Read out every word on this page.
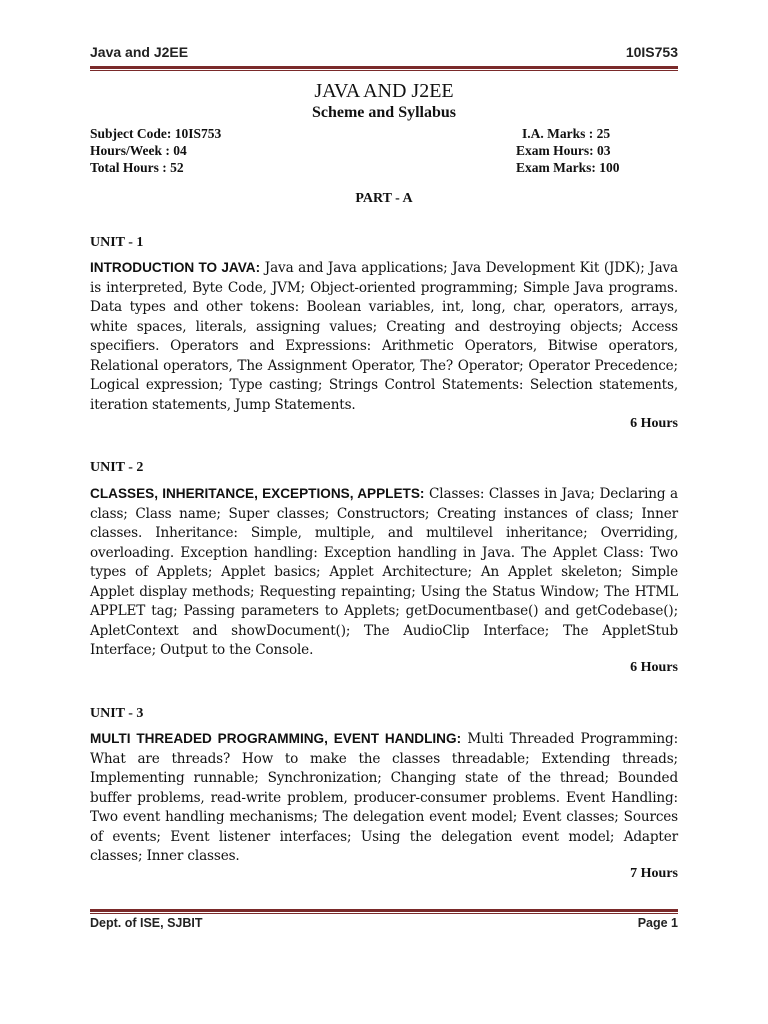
Java and J2EE	10IS753
JAVA AND J2EE
Scheme and Syllabus
Subject Code: 10IS753
Hours/Week : 04
Total Hours : 52
I.A. Marks : 25
Exam Hours: 03
Exam Marks: 100
PART - A
UNIT - 1
INTRODUCTION TO JAVA: Java and Java applications; Java Development Kit (JDK); Java is interpreted, Byte Code, JVM; Object-oriented programming; Simple Java programs. Data types and other tokens: Boolean variables, int, long, char, operators, arrays, white spaces, literals, assigning values; Creating and destroying objects; Access specifiers. Operators and Expressions: Arithmetic Operators, Bitwise operators, Relational operators, The Assignment Operator, The? Operator; Operator Precedence; Logical expression; Type casting; Strings Control Statements: Selection statements, iteration statements, Jump Statements.
6 Hours
UNIT - 2
CLASSES, INHERITANCE, EXCEPTIONS, APPLETS: Classes: Classes in Java; Declaring a class; Class name; Super classes; Constructors; Creating instances of class; Inner classes. Inheritance: Simple, multiple, and multilevel inheritance; Overriding, overloading. Exception handling: Exception handling in Java. The Applet Class: Two types of Applets; Applet basics; Applet Architecture; An Applet skeleton; Simple Applet display methods; Requesting repainting; Using the Status Window; The HTML APPLET tag; Passing parameters to Applets; getDocumentbase() and getCodebase(); ApletContext and showDocument(); The AudioClip Interface; The AppletStub Interface; Output to the Console.
6 Hours
UNIT - 3
MULTI THREADED PROGRAMMING, EVENT HANDLING: Multi Threaded Programming: What are threads? How to make the classes threadable; Extending threads; Implementing runnable; Synchronization; Changing state of the thread; Bounded buffer problems, read-write problem, producer-consumer problems. Event Handling: Two event handling mechanisms; The delegation event model; Event classes; Sources of events; Event listener interfaces; Using the delegation event model; Adapter classes; Inner classes.
7 Hours
Dept. of ISE, SJBIT	Page 1
